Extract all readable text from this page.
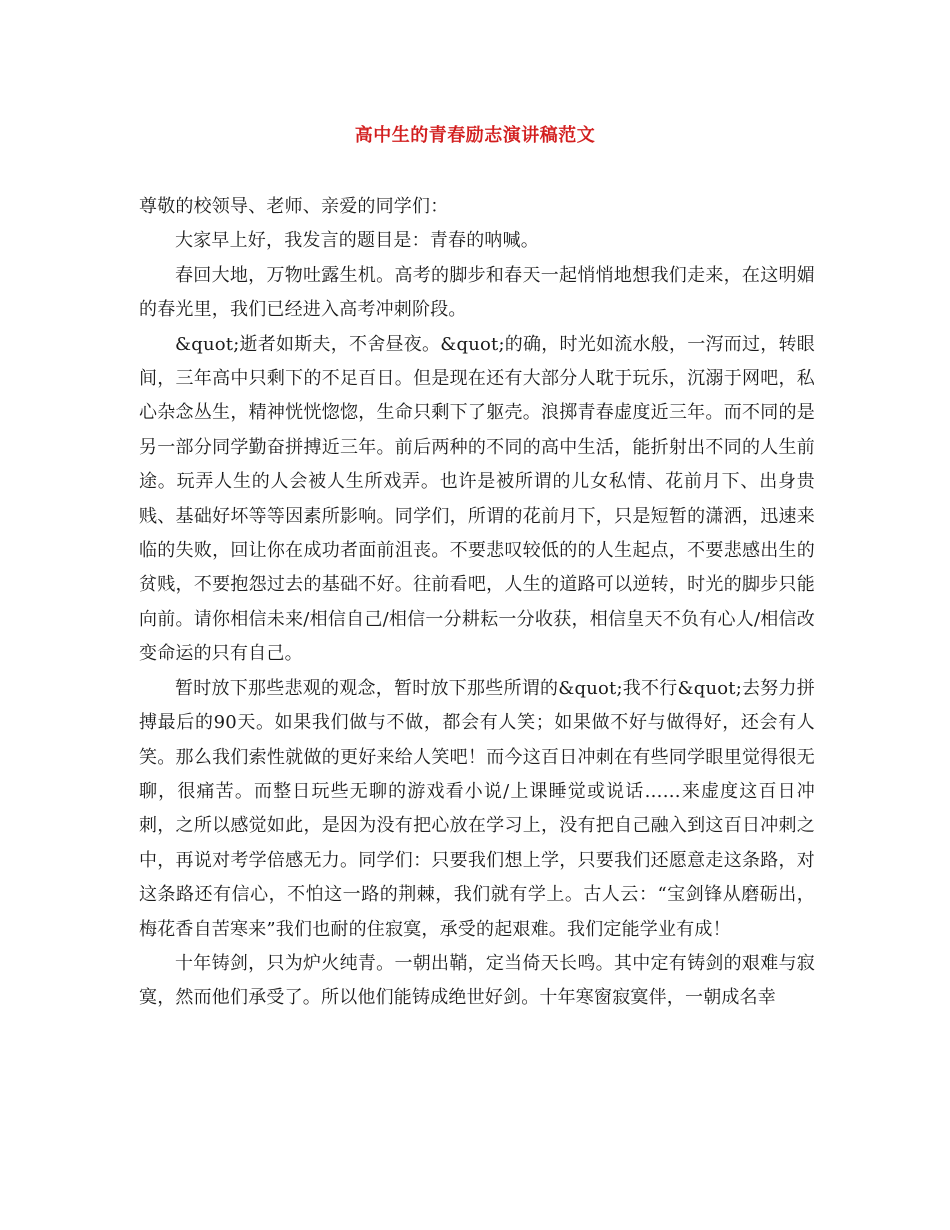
高中生的青春励志演讲稿范文

尊敬的校领导、老师、亲爱的同学们：

大家早上好，我发言的题目是：青春的呐喊。

春回大地，万物吐露生机。高考的脚步和春天一起悄悄地想我们走来，在这明媚的春光里，我们已经进入高考冲刺阶段。

&quot;逝者如斯夫，不舍昼夜。&quot;的确，时光如流水般，一泻而过，转眼间，三年高中只剩下的不足百日。但是现在还有大部分人耽于玩乐，沉溺于网吧，私心杂念丛生，精神恍恍惚惚，生命只剩下了躯壳。浪掷青春虚度近三年。而不同的是另一部分同学勤奋拼搏近三年。前后两种的不同的高中生活，能折射出不同的人生前途。玩弄人生的人会被人生所戏弄。也许是被所谓的儿女私情、花前月下、出身贵贱、基础好坏等等因素所影响。同学们，所谓的花前月下，只是短暂的潇洒，迅速来临的失败，回让你在成功者面前沮丧。不要悲叹较低的的人生起点，不要悲感出生的贫贱，不要抱怨过去的基础不好。往前看吧，人生的道路可以逆转，时光的脚步只能向前。请你相信未来/相信自己/相信一分耕耘一分收获，相信皇天不负有心人/相信改变命运的只有自己。

暂时放下那些悲观的观念，暂时放下那些所谓的&quot;我不行&quot;去努力拼搏最后的90天。如果我们做与不做，都会有人笑；如果做不好与做得好，还会有人笑。那么我们索性就做的更好来给人笑吧！而今这百日冲刺在有些同学眼里觉得很无聊，很痛苦。而整日玩些无聊的游戏看小说/上课睡觉或说话……来虚度这百日冲刺，之所以感觉如此，是因为没有把心放在学习上，没有把自己融入到这百日冲刺之中，再说对考学倍感无力。同学们：只要我们想上学，只要我们还愿意走这条路，对这条路还有信心，不怕这一路的荆棘，我们就有学上。古人云：“宝剑锋从磨砺出，梅花香自苦寒来”我们也耐的住寂寞，承受的起艰难。我们定能学业有成！

十年铸剑，只为炉火纯青。一朝出鞘，定当倚天长鸣。其中定有铸剑的艰难与寂寞，然而他们承受了。所以他们能铸成绝世好剑。十年寒窗寂寞伴，一朝成名幸
